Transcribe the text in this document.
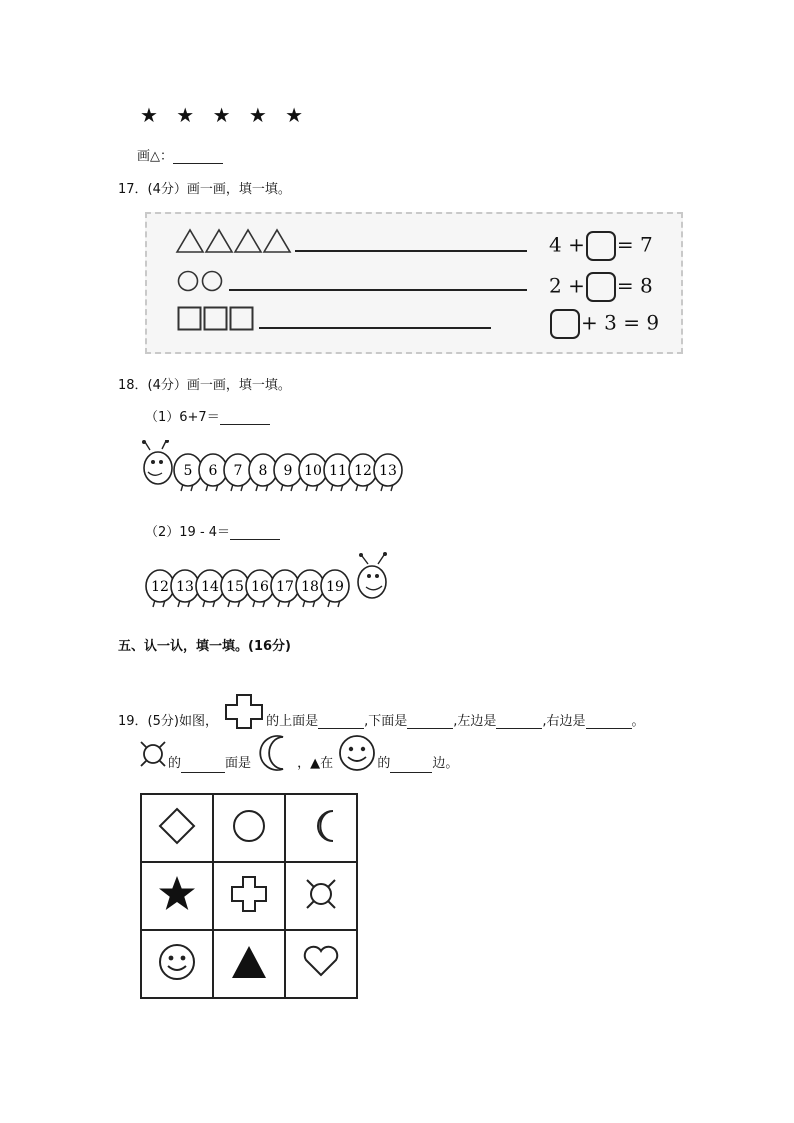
★ ★ ★ ★ ★
画△：
17．(4分）画一画，填一填。
4 + = 7
2 + = 8
+ 3 = 9
18．(4分）画一画，填一填。
（1）6+7＝
5 6 7 8 9 10 11 12 13
（2）19 - 4＝
12 13 14 15 16 17 18 19
五、认一认，填一填。(16分)
19．(5分)如图，	的上面是	,下面是	,左边是	,右边是	。
的	面是	，▲在	的	边。
